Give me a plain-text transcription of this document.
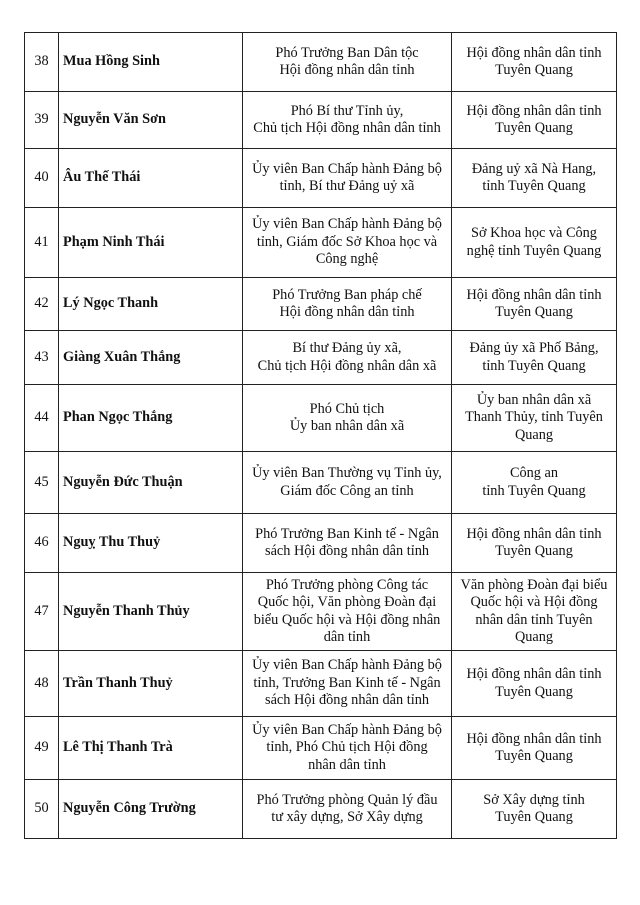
38	Mua Hồng Sinh	Phó Trưởng Ban Dân tộc
Hội đồng nhân dân tỉnh	Hội đồng nhân dân tỉnh
Tuyên Quang

39	Nguyễn Văn Sơn	Phó Bí thư Tỉnh ủy,
Chủ tịch Hội đồng nhân dân tỉnh	Hội đồng nhân dân tỉnh
Tuyên Quang

40	Âu Thế Thái	Ủy viên Ban Chấp hành Đảng bộ
tỉnh, Bí thư Đảng uỷ xã	Đảng uỷ xã Nà Hang,
tỉnh Tuyên Quang

41	Phạm Ninh Thái	Ủy viên Ban Chấp hành Đảng bộ
tỉnh, Giám đốc Sở Khoa học và
Công nghệ	Sở Khoa học và Công
nghệ tỉnh Tuyên Quang

42	Lý Ngọc Thanh	Phó Trưởng Ban pháp chế
Hội đồng nhân dân tỉnh	Hội đồng nhân dân tỉnh
Tuyên Quang

43	Giàng Xuân Thắng	Bí thư Đảng ủy xã,
Chủ tịch Hội đồng nhân dân xã	Đảng ủy xã Phố Bảng,
tỉnh Tuyên Quang

44	Phan Ngọc Thắng	Phó Chủ tịch
Ủy ban nhân dân xã	Ủy ban nhân dân xã
Thanh Thủy, tỉnh Tuyên
Quang

45	Nguyễn Đức Thuận	Ủy viên Ban Thường vụ Tỉnh ủy,
Giám đốc Công an tỉnh	Công an
tỉnh Tuyên Quang

46	Nguỵ Thu Thuỷ	Phó Trưởng Ban Kinh tế - Ngân
sách Hội đồng nhân dân tỉnh	Hội đồng nhân dân tỉnh
Tuyên Quang

47	Nguyễn Thanh Thủy	Phó Trưởng phòng Công tác
Quốc hội, Văn phòng Đoàn đại
biểu Quốc hội và Hội đồng nhân
dân tỉnh	Văn phòng Đoàn đại biểu
Quốc hội và Hội đồng
nhân dân tỉnh Tuyên
Quang

48	Trần Thanh Thuỷ	Ủy viên Ban Chấp hành Đảng bộ
tỉnh, Trưởng Ban Kinh tế - Ngân
sách Hội đồng nhân dân tỉnh	Hội đồng nhân dân tỉnh
Tuyên Quang

49	Lê Thị Thanh Trà	Ủy viên Ban Chấp hành Đảng bộ
tỉnh, Phó Chủ tịch Hội đồng
nhân dân tỉnh	Hội đồng nhân dân tỉnh
Tuyên Quang

50	Nguyễn Công Trường	Phó Trưởng phòng Quản lý đầu
tư xây dựng, Sở Xây dựng	Sở Xây dựng tỉnh
Tuyên Quang
